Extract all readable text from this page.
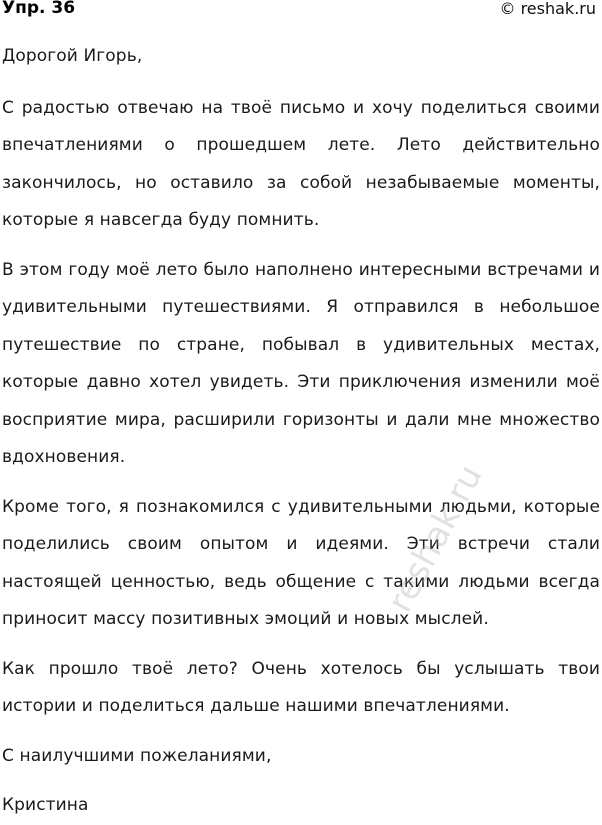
Упр. 36	© reshak.ru

Дорогой Игорь,

С радостью отвечаю на твоё письмо и хочу поделиться своими впечатлениями о прошедшем лете. Лето действительно закончилось, но оставило за собой незабываемые моменты, которые я навсегда буду помнить.

В этом году моё лето было наполнено интересными встречами и удивительными путешествиями. Я отправился в небольшое путешествие по стране, побывал в удивительных местах, которые давно хотел увидеть. Эти приключения изменили моё восприятие мира, расширили горизонты и дали мне множество вдохновения.

Кроме того, я познакомился с удивительными людьми, которые поделились своим опытом и идеями. Эти встречи стали настоящей ценностью, ведь общение с такими людьми всегда приносит массу позитивных эмоций и новых мыслей.

Как прошло твоё лето? Очень хотелось бы услышать твои истории и поделиться дальше нашими впечатлениями.

С наилучшими пожеланиями,

Кристина

reshak.ru
